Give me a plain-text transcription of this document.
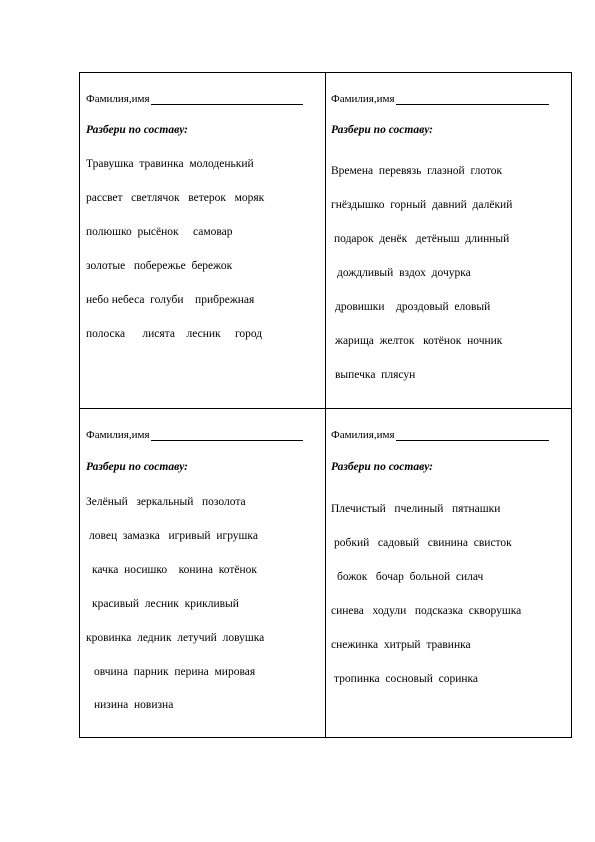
Фамилия,имя
Разбери по составу:
Травушка  травинка  молоденький
рассвет   светлячок   ветерок   моряк
полюшко  рысёнок     самовар
золотые   побережье  бережок
небо небеса  голуби    прибрежная
полоска      лисята    лесник     город
Фамилия,имя
Разбери по составу:
Времена  перевязь  глазной  глоток
гнёздышко  горный  давний  далёкий
подарок  денёк   детёныш  длинный
дождливый  вздох  дочурка
дровишки    дроздовый  еловый
жарища  желток   котёнок  ночник
выпечка  плясун
Фамилия,имя
Разбери по составу:
Зелёный   зеркальный   позолота
ловец  замазка   игривый  игрушка
качка  носишко    конина  котёнок
красивый  лесник  крикливый
кровинка  ледник  летучий  ловушка
овчина  парник  перина  мировая
низина  новизна
Фамилия,имя
Разбери по составу:
Плечистый   пчелиный   пятнашки
робкий   садовый   свинина  свисток
божок   бочар  больной  силач
синева   ходули   подсказка  скворушка
снежинка  хитрый  травинка
тропинка  сосновый  соринка
